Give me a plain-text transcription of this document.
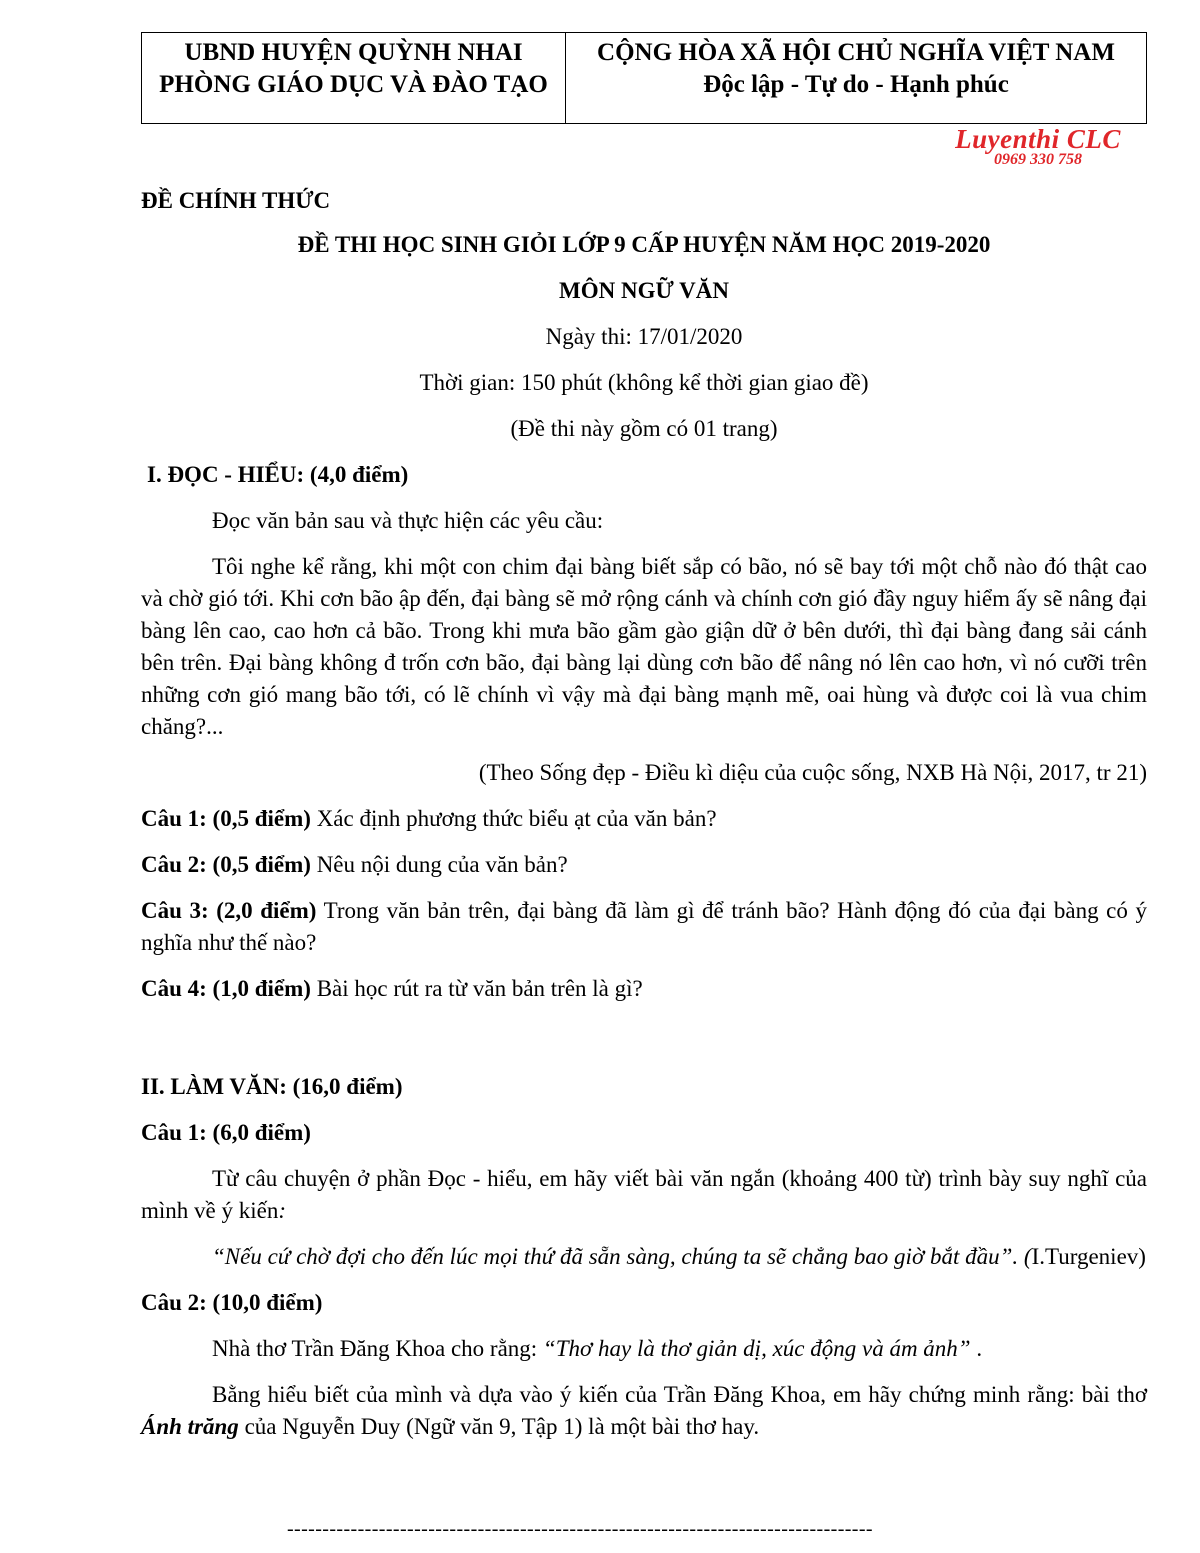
UBND HUYỆN QUỲNH NHAI
PHÒNG GIÁO DỤC VÀ ĐÀO TẠO
CỘNG HÒA XÃ HỘI CHỦ NGHĨA VIỆT NAM
Độc lập - Tự do - Hạnh phúc
Luyenthi CLC
0969 330 758

ĐỀ CHÍNH THỨC

ĐỀ THI HỌC SINH GIỎI LỚP 9 CẤP HUYỆN NĂM HỌC 2019-2020

MÔN NGỮ VĂN

Ngày thi: 17/01/2020

Thời gian: 150 phút (không kể thời gian giao đề)

(Đề thi này gồm có 01 trang)

I. ĐỌC - HIỂU: (4,0 điểm)

Đọc văn bản sau và thực hiện các yêu cầu:

Tôi nghe kể rằng, khi một con chim đại bàng biết sắp có bão, nó sẽ bay tới một chỗ nào đó thật cao và chờ gió tới. Khi cơn bão ập đến, đại bàng sẽ mở rộng cánh và chính cơn gió đầy nguy hiểm ấy sẽ nâng đại bàng lên cao, cao hơn cả bão. Trong khi mưa bão gầm gào giận dữ ở bên dưới, thì đại bàng đang sải cánh bên trên. Đại bàng không đ trốn cơn bão, đại bàng lại dùng cơn bão để nâng nó lên cao hơn, vì nó cưỡi trên những cơn gió mang bão tới, có lẽ chính vì vậy mà đại bàng mạnh mẽ, oai hùng và được coi là vua chim chăng?...

(Theo Sống đẹp - Điều kì diệu của cuộc sống, NXB Hà Nội, 2017, tr 21)

Câu 1: (0,5 điểm) Xác định phương thức biểu ạt của văn bản?

Câu 2: (0,5 điểm) Nêu nội dung của văn bản?

Câu 3: (2,0 điểm) Trong văn bản trên, đại bàng đã làm gì để tránh bão? Hành động đó của đại bàng có ý nghĩa như thế nào?

Câu 4: (1,0 điểm) Bài học rút ra từ văn bản trên là gì?

II. LÀM VĂN: (16,0 điểm)

Câu 1: (6,0 điểm)

Từ câu chuyện ở phần Đọc - hiểu, em hãy viết bài văn ngắn (khoảng 400 từ) trình bày suy nghĩ của mình về ý kiến:

“Nếu cứ chờ đợi cho đến lúc mọi thứ đã sẵn sàng, chúng ta sẽ chẳng bao giờ bắt đầu”. (I.Turgeniev)

Câu 2: (10,0 điểm)

Nhà thơ Trần Đăng Khoa cho rằng: “Thơ hay là thơ giản dị, xúc động và ám ảnh” .

Bằng hiểu biết của mình và dựa vào ý kiến của Trần Đăng Khoa, em hãy chứng minh rằng: bài thơ Ánh trăng của Nguyễn Duy (Ngữ văn 9, Tập 1) là một bài thơ hay.

-----------------------------------------------------------------------------------
